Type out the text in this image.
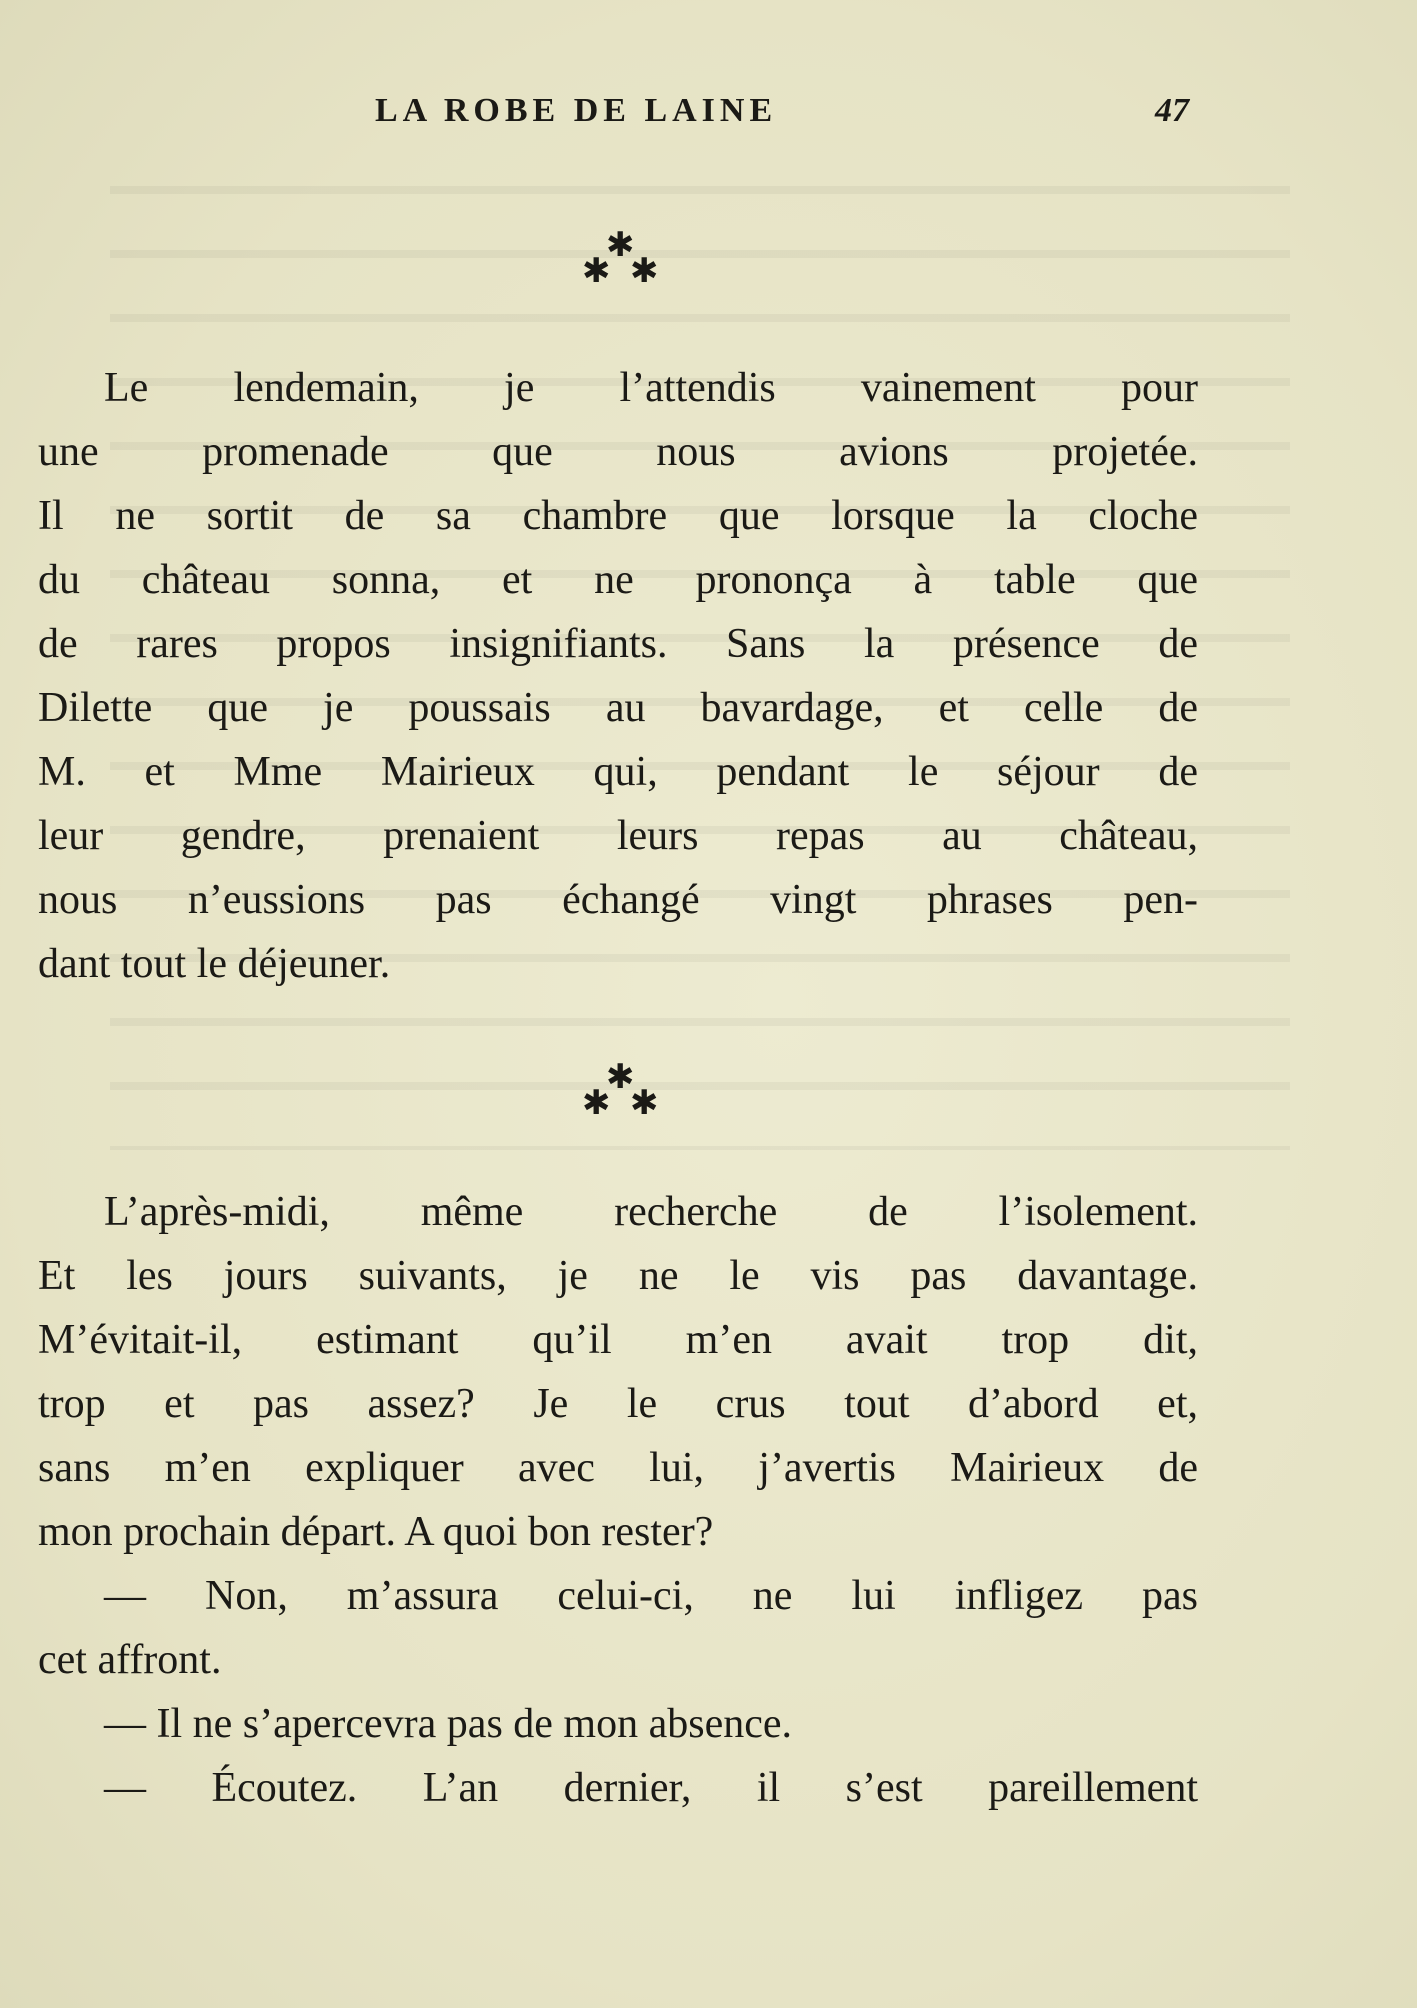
LA ROBE DE LAINE	47
✱
✱ ✱
Le lendemain, je l’attendis vainement pour
une promenade que nous avions projetée.
Il ne sortit de sa chambre que lorsque la cloche
du château sonna, et ne prononça à table que
de rares propos insignifiants. Sans la présence de
Dilette que je poussais au bavardage, et celle de
M. et Mme Mairieux qui, pendant le séjour de
leur gendre, prenaient leurs repas au château,
nous n’eussions pas échangé vingt phrases pen-
dant tout le déjeuner.
✱
✱ ✱
L’après-midi, même recherche de l’isolement.
Et les jours suivants, je ne le vis pas davantage.
M’évitait-il, estimant qu’il m’en avait trop dit,
trop et pas assez? Je le crus tout d’abord et,
sans m’en expliquer avec lui, j’avertis Mairieux de
mon prochain départ. A quoi bon rester?
— Non, m’assura celui-ci, ne lui infligez pas
cet affront.
— Il ne s’apercevra pas de mon absence.
— Écoutez. L’an dernier, il s’est pareillement
